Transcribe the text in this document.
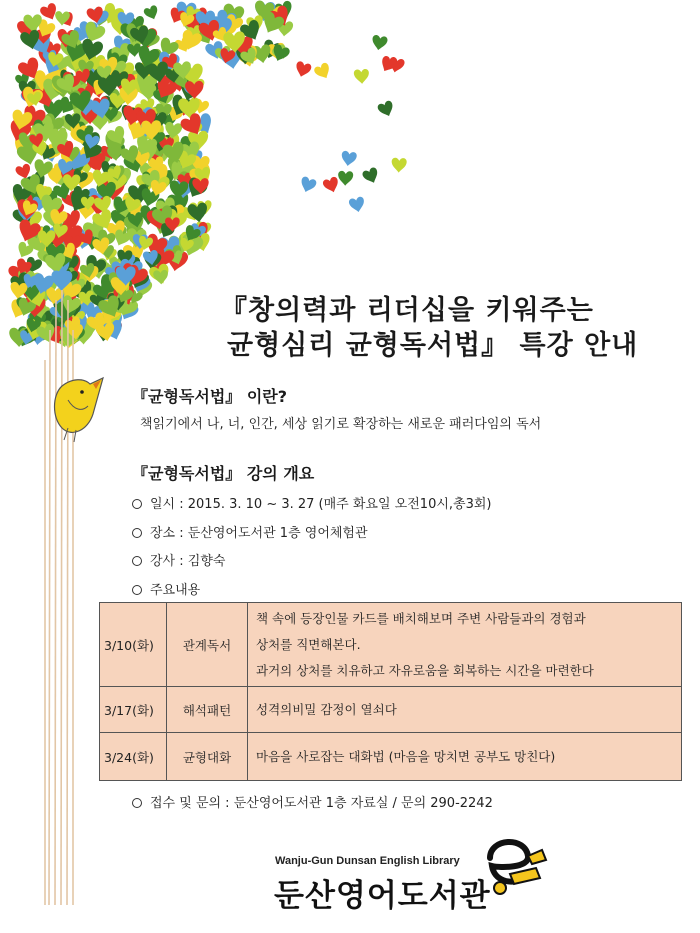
『창의력과 리더십을 키워주는
균형심리 균형독서법』 특강 안내
『균형독서법』 이란?
책읽기에서 나, 너, 인간, 세상 읽기로 확장하는 새로운 패러다임의 독서
『균형독서법』 강의 개요
일시 : 2015. 3. 10 ~ 3. 27 (매주 화요일 오전10시,총3회)
장소 : 둔산영어도서관 1층 영어체험관
강사 : 김향숙
주요내용
3/10(화)	관계독서	책 속에 등장인물 카드를 배치해보며 주변 사람들과의 경험과
상처를 직면해본다.
과거의 상처를 치유하고 자유로움을 회복하는 시간을 마련한다

3/17(화)	해석패턴	성격의비밀 감정이 열쇠다

3/24(화)	균형대화	마음을 사로잡는 대화법 (마음을 망치면 공부도 망친다)
접수 및 문의 : 둔산영어도서관 1층 자료실 / 문의 290-2242
Wanju-Gun Dunsan English Library
둔산영어도서관
